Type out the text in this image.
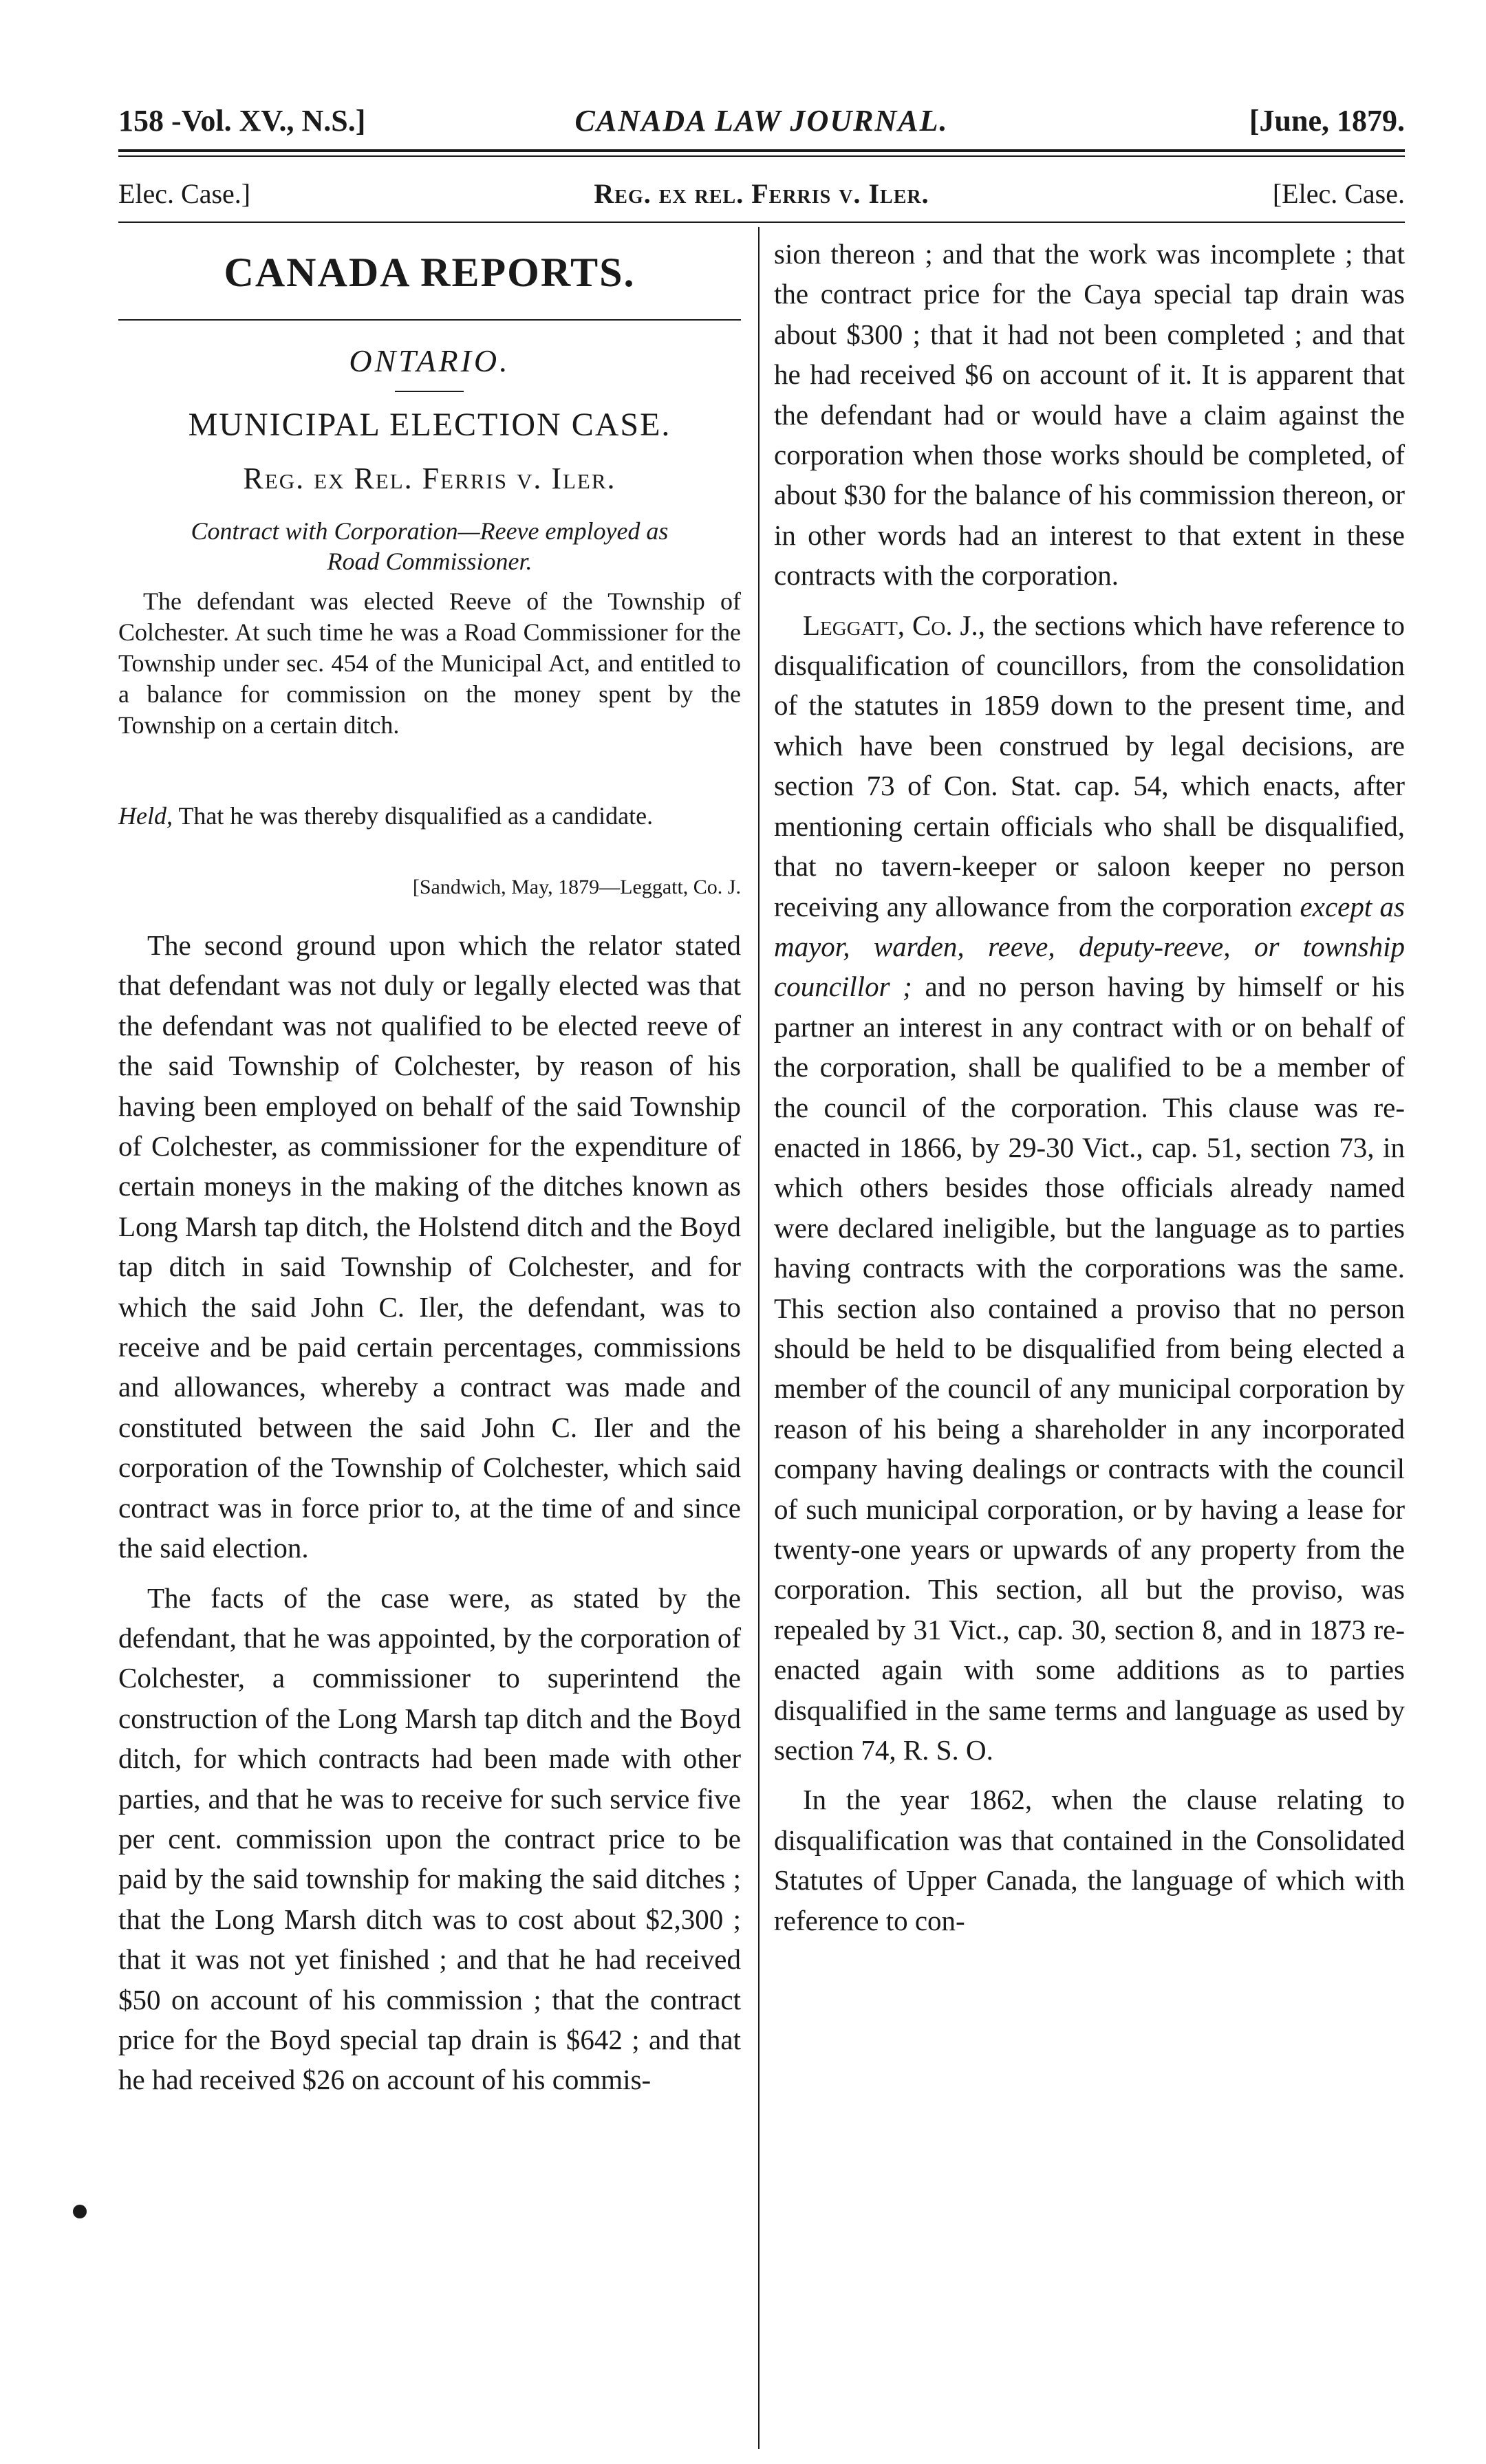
158 -Vol. XV., N.S.]	CANADA LAW JOURNAL.	[June, 1879.
Elec. Case.]	Reg. ex rel. Ferris v. Iler.	[Elec. Case.
CANADA REPORTS.
ONTARIO.
MUNICIPAL ELECTION CASE.
Reg. ex Rel. Ferris v. Iler.

Contract with Corporation—Reeve employed as

Road Commissioner.

The defendant was elected Reeve of the Township of Colchester. At such time he was a Road Commissioner for the Township under sec. 454 of the Municipal Act, and entitled to a balance for commission on the money spent by the Township on a certain ditch.

Held, That he was thereby disqualified as a candidate.
[Sandwich, May, 1879—Leggatt, Co. J.

The second ground upon which the relator stated that defendant was not duly or legally elected was that the defendant was not qualified to be elected reeve of the said Township of Colchester, by reason of his having been employed on behalf of the said Township of Colchester, as commissioner for the expenditure of certain moneys in the making of the ditches known as Long Marsh tap ditch, the Holstend ditch and the Boyd tap ditch in said Township of Colchester, and for which the said John C. Iler, the defendant, was to receive and be paid certain percentages, commissions and allowances, whereby a contract was made and constituted between the said John C. Iler and the corporation of the Township of Colchester, which said contract was in force prior to, at the time of and since the said election.

The facts of the case were, as stated by the defendant, that he was appointed, by the corporation of Colchester, a commissioner to superintend the construction of the Long Marsh tap ditch and the Boyd ditch, for which contracts had been made with other parties, and that he was to receive for such service five per cent. commission upon the contract price to be paid by the said township for making the said ditches ; that the Long Marsh ditch was to cost about $2,300 ; that it was not yet finished ; and that he had received $50 on account of his commission ; that the contract price for the Boyd special tap drain is $642 ; and that he had received $26 on account of his commis-

sion thereon ; and that the work was incomplete ; that the contract price for the Caya special tap drain was about $300 ; that it had not been completed ; and that he had received $6 on account of it. It is apparent that the defendant had or would have a claim against the corporation when those works should be completed, of about $30 for the balance of his commission thereon, or in other words had an interest to that extent in these contracts with the corporation.

Leggatt, Co. J., the sections which have reference to disqualification of councillors, from the consolidation of the statutes in 1859 down to the present time, and which have been construed by legal decisions, are section 73 of Con. Stat. cap. 54, which enacts, after mentioning certain officials who shall be disqualified, that no tavern-keeper or saloon keeper no person receiving any allowance from the corporation except as mayor, warden, reeve, deputy-reeve, or township councillor ; and no person having by himself or his partner an interest in any contract with or on behalf of the corporation, shall be qualified to be a member of the council of the corporation. This clause was re-enacted in 1866, by 29-30 Vict., cap. 51, section 73, in which others besides those officials already named were declared ineligible, but the language as to parties having contracts with the corporations was the same. This section also contained a proviso that no person should be held to be disqualified from being elected a member of the council of any municipal corporation by reason of his being a shareholder in any incorporated company having dealings or contracts with the council of such municipal corporation, or by having a lease for twenty-one years or upwards of any property from the corporation. This section, all but the proviso, was repealed by 31 Vict., cap. 30, section 8, and in 1873 re-enacted again with some additions as to parties disqualified in the same terms and language as used by section 74, R. S. O.

In the year 1862, when the clause relating to disqualification was that contained in the Consolidated Statutes of Upper Canada, the language of which with reference to con-
